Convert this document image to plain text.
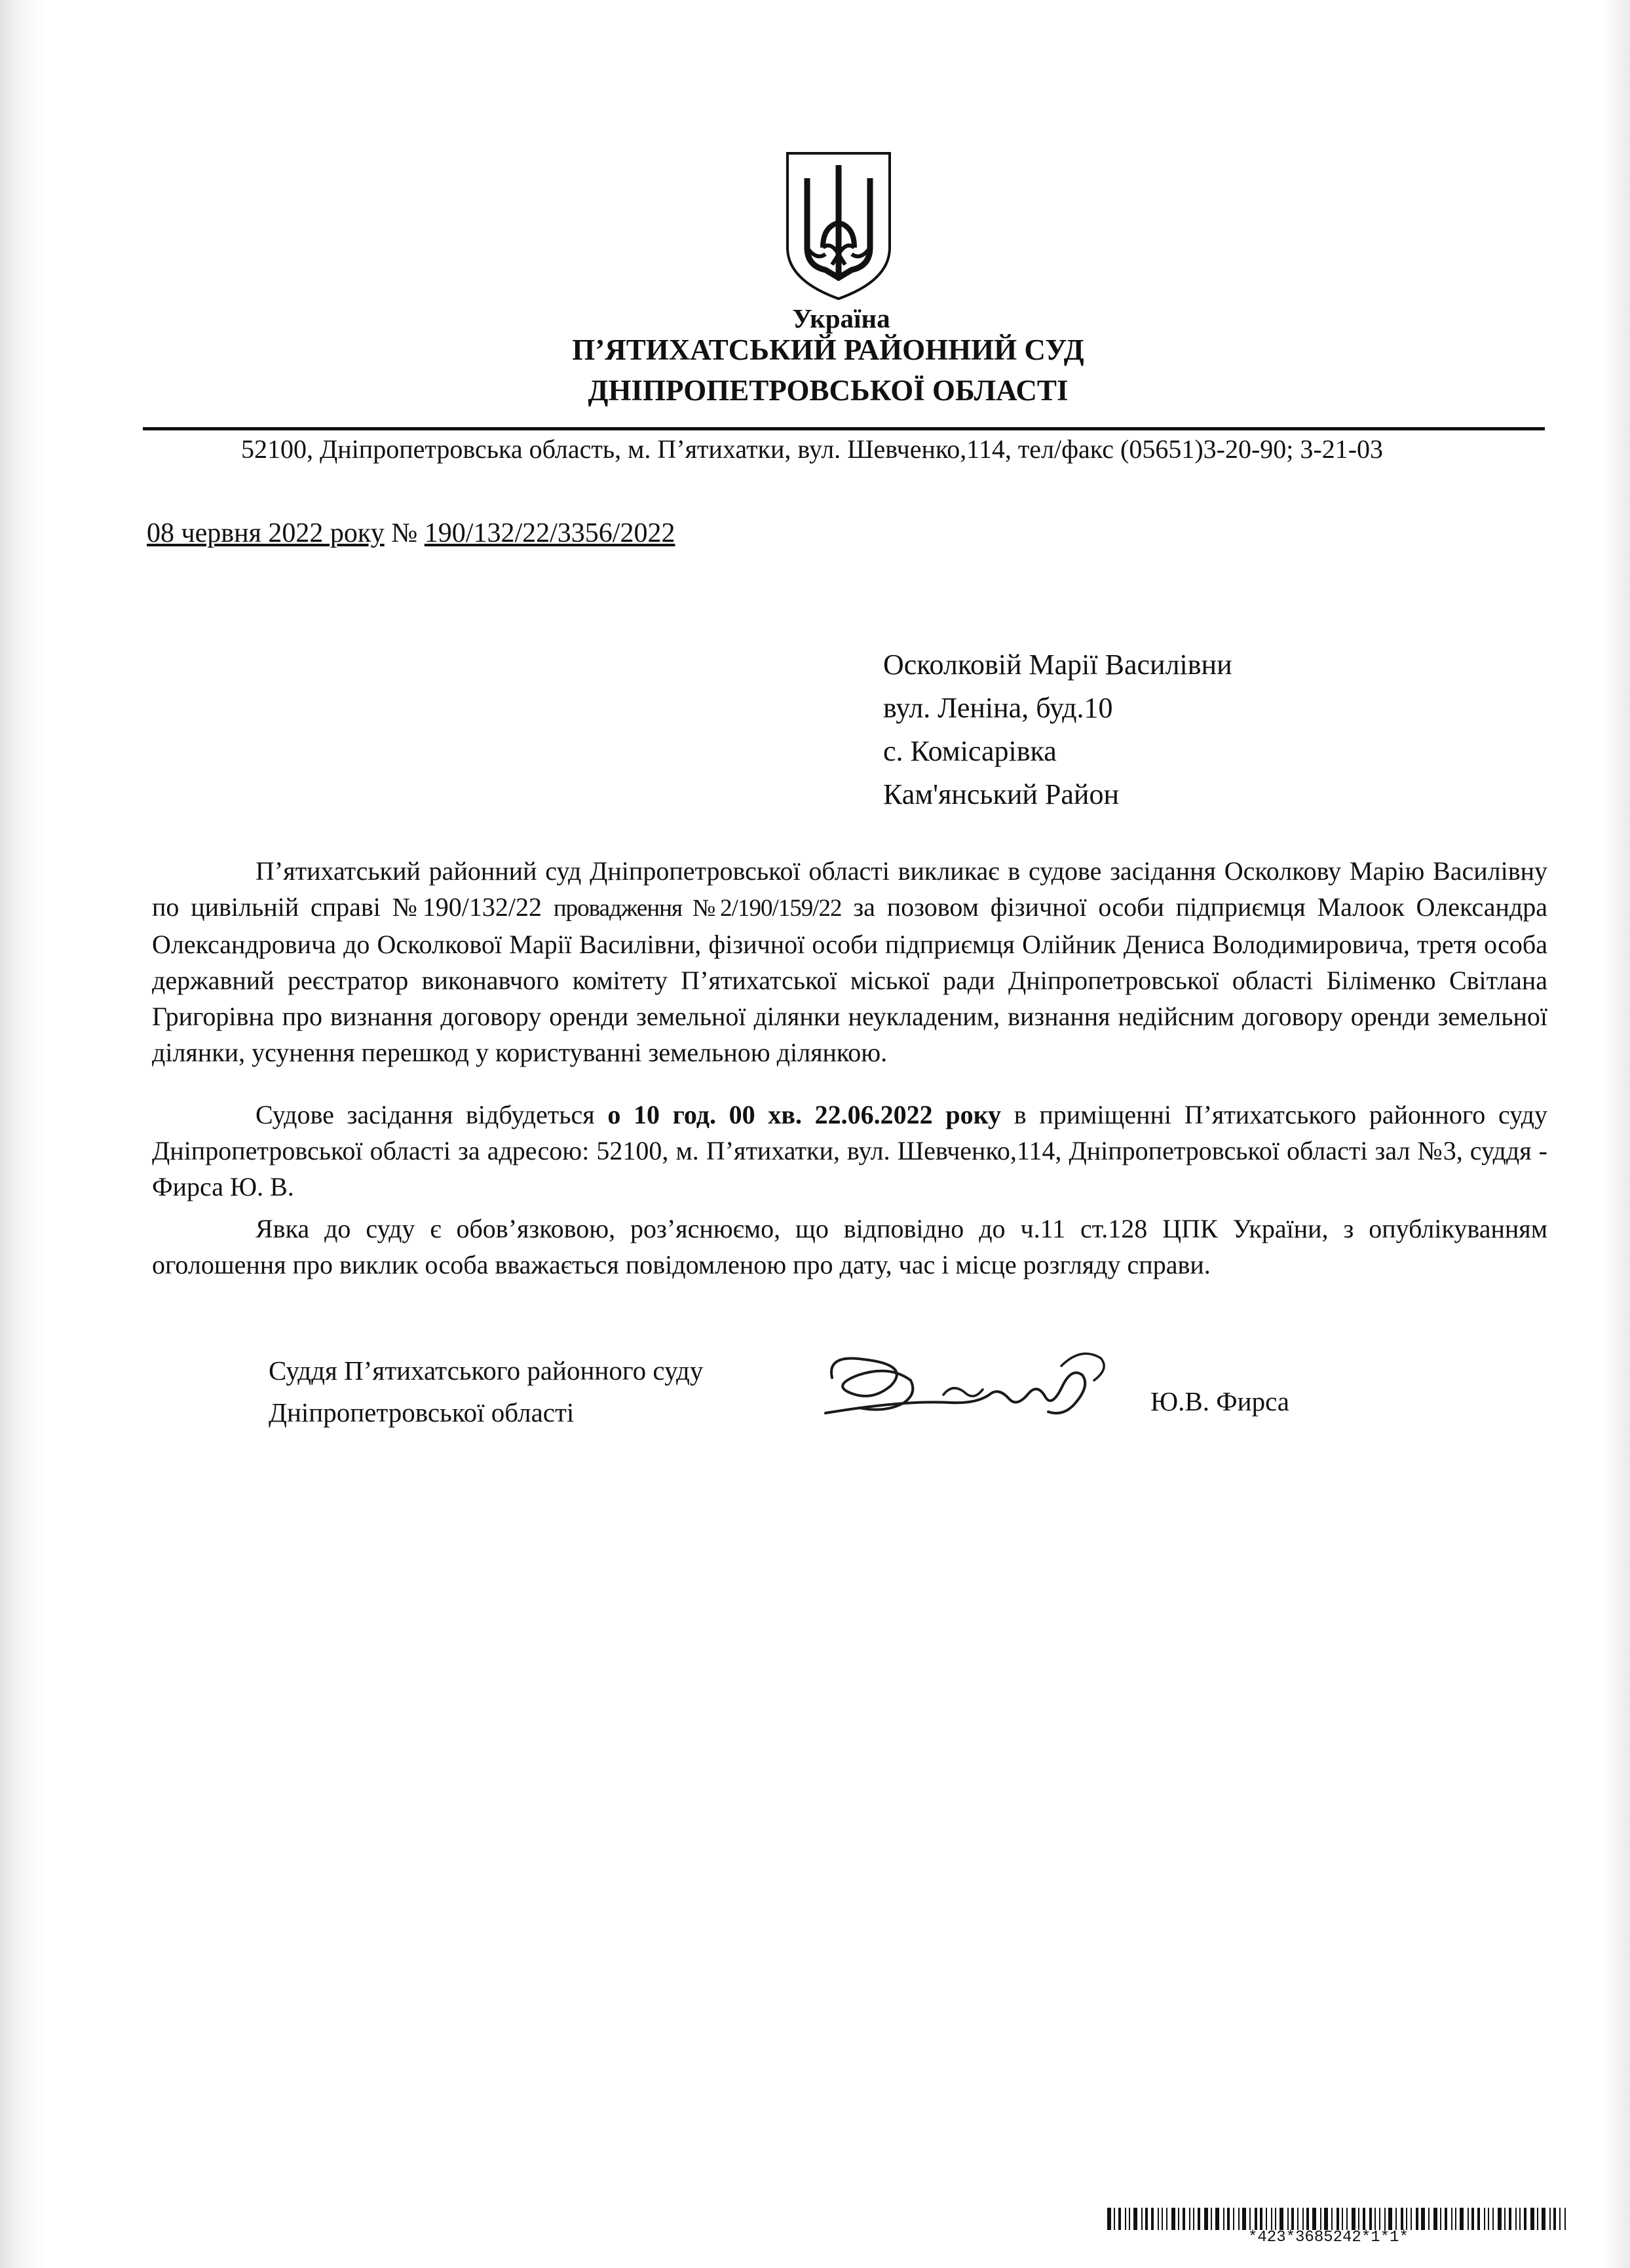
Україна
П’ЯТИХАТСЬКИЙ РАЙОННИЙ СУД
ДНІПРОПЕТРОВСЬКОЇ ОБЛАСТІ
52100, Дніпропетровська область, м. П’ятихатки, вул. Шевченко,114, тел/факс (05651)3-20-90; 3-21-03
08 червня 2022 року № 190/132/22/3356/2022
Осколковій Марії Василівни
вул. Леніна, буд.10
с. Комісарівка
Кам'янський Район

П’ятихатський районний суд Дніпропетровської області викликає в судове засідання Осколкову Марію Василівну по цивільній справі №190/132/22 провадження №2/190/159/22 за позовом фізичної особи підприємця Малоок Олександра Олександровича до Осколкової Марії Василівни, фізичної особи підприємця Олійник Дениса Володимировича, третя особа державний реєстратор виконавчого комітету П’ятихатської міської ради Дніпропетровської області Біліменко Світлана Григорівна про визнання договору оренди земельної ділянки неукладеним, визнання недійсним договору оренди земельної ділянки, усунення перешкод у користуванні земельною ділянкою.

Судове засідання відбудеться о 10 год. 00 хв. 22.06.2022 року в приміщенні П’ятихатського районного суду Дніпропетровської області за адресою: 52100, м. П’ятихатки, вул. Шевченко,114, Дніпропетровської області зал №3, суддя - Фирса Ю. В.

Явка до суду є обов’язковою, роз’яснюємо, що відповідно до ч.11 ст.128 ЦПК України, з опублікуванням оголошення про виклик особа вважається повідомленою про дату, час і місце розгляду справи.

Суддя П’ятихатського районного суду
Дніпропетровської області	Ю.В. Фирса
*423*3685242*1*1*
